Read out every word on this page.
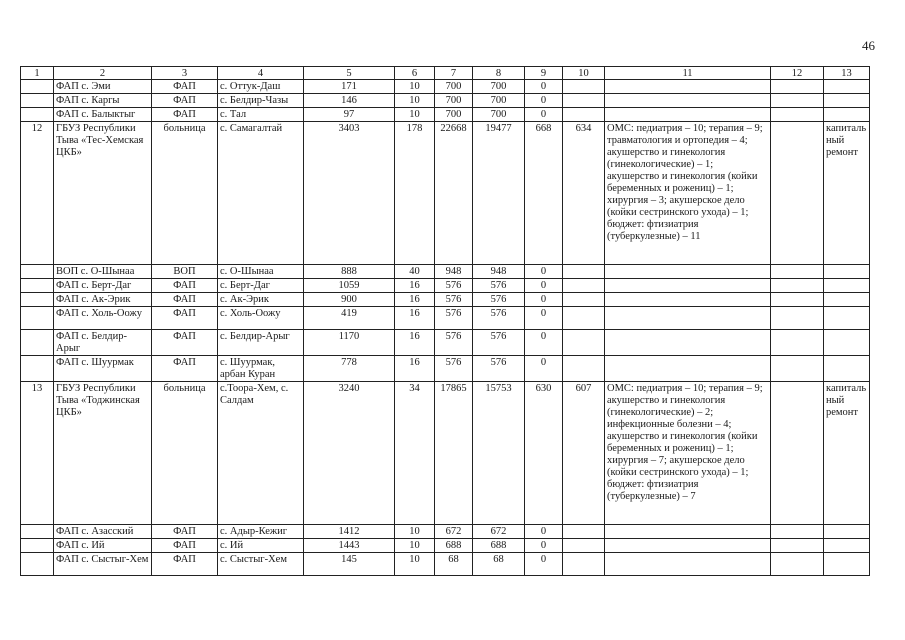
46
1	2	3	4	5	6	7	8	9	10	11	12	13
	ФАП с. Эми	ФАП	с. Оттук-Даш	171	10	700	700	0				
	ФАП с. Каргы	ФАП	с. Белдир-Чазы	146	10	700	700	0				
	ФАП с. Балыктыг	ФАП	с. Тал	97	10	700	700	0				
12	ГБУЗ Республики Тыва «Тес-Хемская ЦКБ»	больница	с. Самагалтай	3403	178	22668	19477	668	634	ОМС: педиатрия – 10; терапия – 9; травматология и ортопедия – 4; акушерство и гинекология (гинекологические) – 1; акушерство и гинекология (койки беременных и рожениц) – 1; хирургия – 3; акушерское дело (койки сестринского ухода) – 1; бюджет: фтизиатрия (туберкулезные) – 11		капитальный ремонт
	ВОП с. О-Шынаа	ВОП	с. О-Шынаа	888	40	948	948	0				
	ФАП с. Берт-Даг	ФАП	с. Берт-Даг	1059	16	576	576	0				
	ФАП с. Ак-Эрик	ФАП	с. Ак-Эрик	900	16	576	576	0				
	ФАП с. Холь-Оожу	ФАП	с. Холь-Оожу	419	16	576	576	0				
	ФАП с. Белдир-Арыг	ФАП	с. Белдир-Арыг	1170	16	576	576	0				
	ФАП с. Шуурмак	ФАП	с. Шуурмак, арбан Куран	778	16	576	576	0				
13	ГБУЗ Республики Тыва «Тоджинская ЦКБ»	больница	с.Тоора-Хем, с. Салдам	3240	34	17865	15753	630	607	ОМС: педиатрия – 10; терапия – 9; акушерство и гинекология (гинекологические) – 2; инфекционные болезни – 4; акушерство и гинекология (койки беременных и рожениц) – 1; хирургия – 7; акушерское дело (койки сестринского ухода) – 1; бюджет: фтизиатрия (туберкулезные) – 7		капитальный ремонт
	ФАП с. Азасский	ФАП	с. Адыр-Кежиг	1412	10	672	672	0				
	ФАП с. Ий	ФАП	с. Ий	1443	10	688	688	0				
	ФАП с. Сыстыг-Хем	ФАП	с. Сыстыг-Хем	145	10	68	68	0				
